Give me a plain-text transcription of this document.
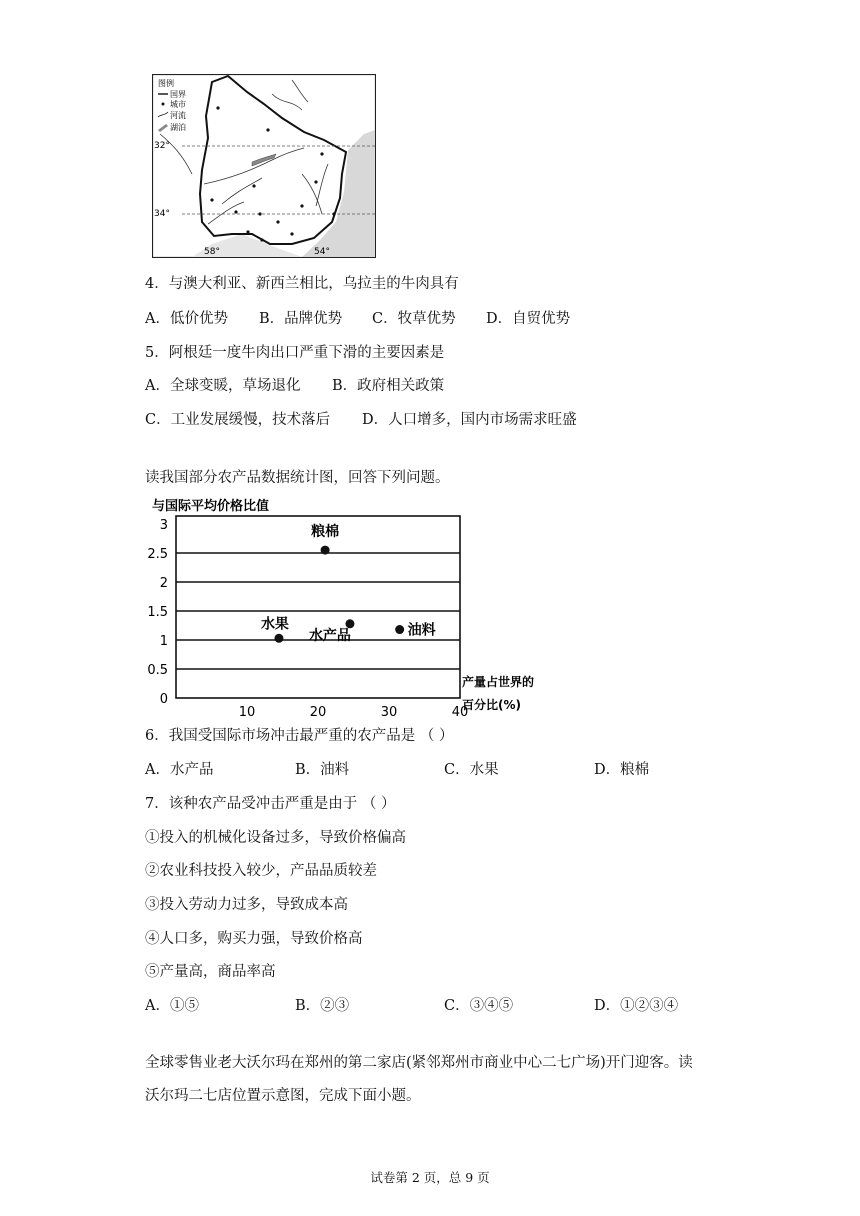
图例
国界
城市
河流
湖泊
32°
34°
58°	54°
4．与澳大利亚、新西兰相比，乌拉圭的牛肉具有
A．低价优势 B．品牌优势 C．牧草优势 D．自贸优势
5．阿根廷一度牛肉出口严重下滑的主要因素是
A．全球变暖，草场退化 B．政府相关政策
C．工业发展缓慢，技术落后 D．人口增多，国内市场需求旺盛
读我国部分农产品数据统计图，回答下列问题。
与国际平均价格比值
0
0.5
1
1.5
2
2.5
3
10	20	30	40
粮棉
水果
水产品	油料
产量占世界的
百分比(%)
6．我国受国际市场冲击最严重的农产品是 （ ）
A．水产品	B．油料	C．水果	D．粮棉
7．该种农产品受冲击严重是由于 （ ）
①投入的机械化设备过多，导致价格偏高
②农业科技投入较少，产品品质较差
③投入劳动力过多，导致成本高
④人口多，购买力强，导致价格高
⑤产量高，商品率高
A．①⑤	B．②③	C．③④⑤	D．①②③④
全球零售业老大沃尔玛在郑州的第二家店(紧邻郑州市商业中心二七广场)开门迎客。读
沃尔玛二七店位置示意图，完成下面小题。
试卷第 2 页，总 9 页
